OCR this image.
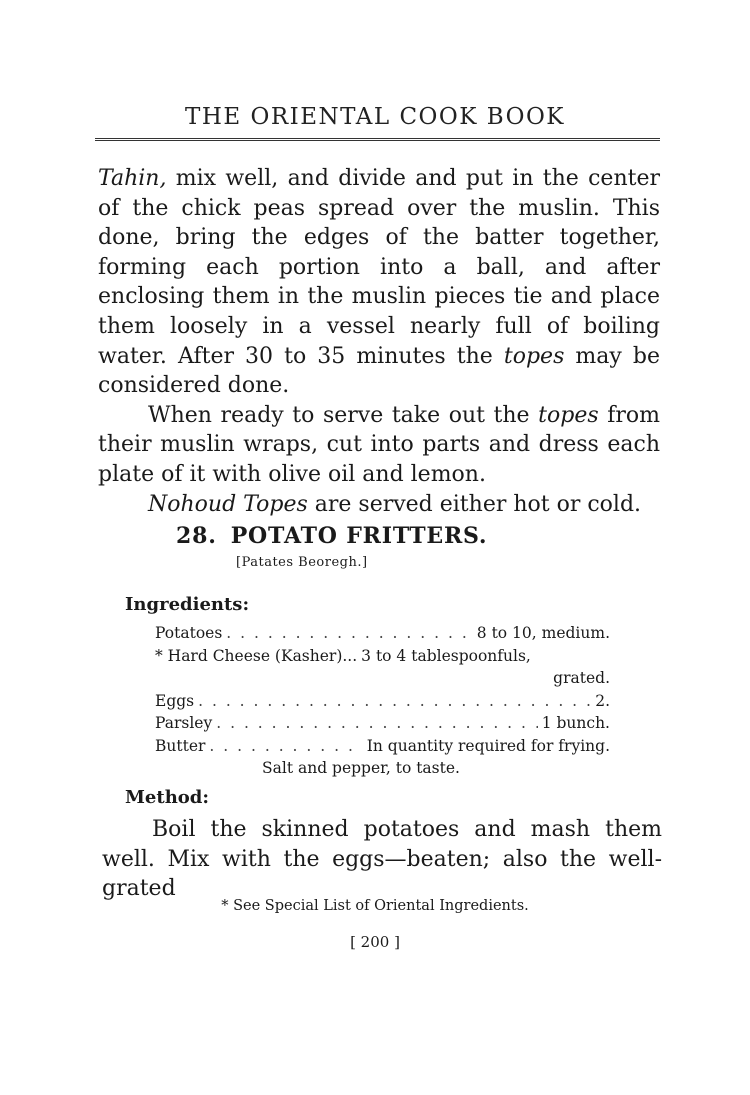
THE ORIENTAL COOK BOOK

Tahin, mix well, and divide and put in the center of the chick peas spread over the muslin. This done, bring the edges of the batter together, forming each portion into a ball, and after enclosing them in the muslin pieces tie and place them loosely in a vessel nearly full of boiling water. After 30 to 35 minutes the topes may be considered done.

When ready to serve take out the topes from their muslin wraps, cut into parts and dress each plate of it with olive oil and lemon.

Nohoud Topes are served either hot or cold.

28. POTATO FRITTERS.
[Patates Beoregh.]
Ingredients:
Potatoes . . .	8 to 10, medium.
* Hard Cheese (Kasher)... 3 to 4 tablespoonfuls,
grated.
Eggs . . .	2.
Parsley . . .	1 bunch.
Butter . . .	In quantity required for frying.
Salt and pepper, to taste.
Method:

Boil the skinned potatoes and mash them well. Mix with the eggs—beaten; also the well-grated

* See Special List of Oriental Ingredients.
[ 200 ]
